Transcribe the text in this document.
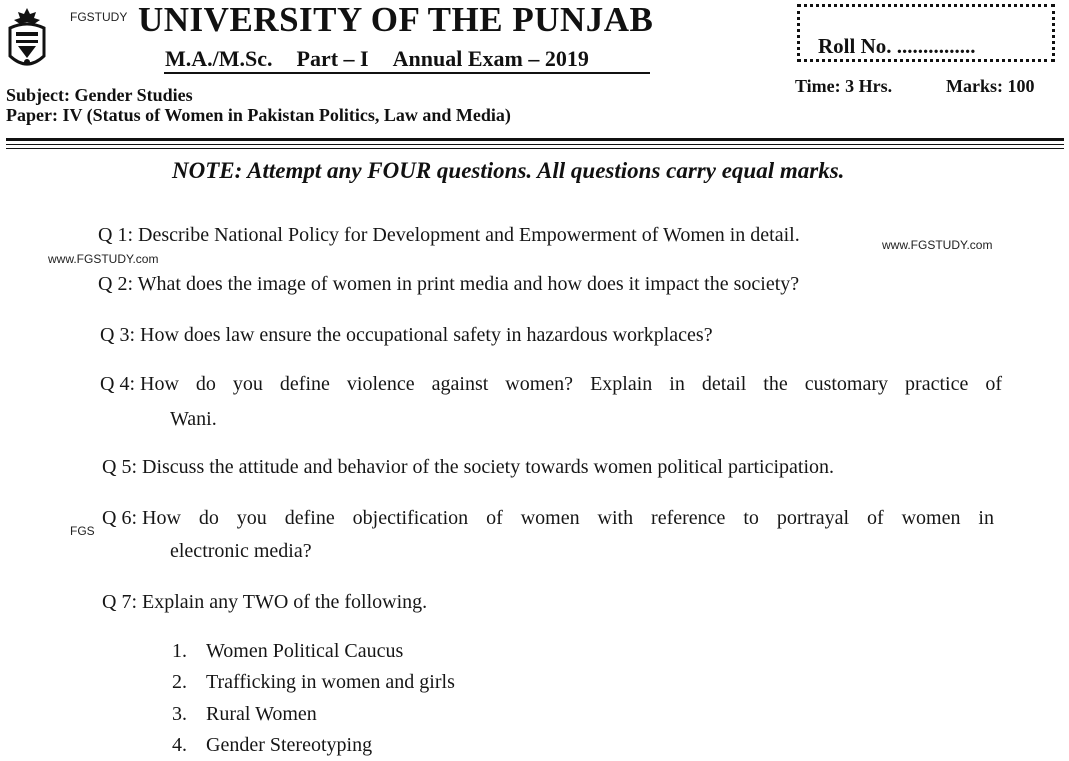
FGSTUDY UNIVERSITY OF THE PUNJAB
M.A./M.Sc. Part – I Annual Exam – 2019	Roll No. ...............
Time: 3 Hrs.	Marks: 100
Subject: Gender Studies
Paper: IV (Status of Women in Pakistan Politics, Law and Media)
NOTE: Attempt any FOUR questions. All questions carry equal marks.
Q 1: Describe National Policy for Development and Empowerment of Women in detail.	www.FGSTUDY.com
www.FGSTUDY.com
Q 2: What does the image of women in print media and how does it impact the society?
Q 3: How does law ensure the occupational safety in hazardous workplaces?
Q 4: How do you define violence against women? Explain in detail the customary practice of
Wani.
Q 5: Discuss the attitude and behavior of the society towards women political participation.
FGS
Q 6: How do you define objectification of women with reference to portrayal of women in
electronic media?
Q 7: Explain any TWO of the following.
1. Women Political Caucus
2. Trafficking in women and girls
3. Rural Women
4. Gender Stereotyping
